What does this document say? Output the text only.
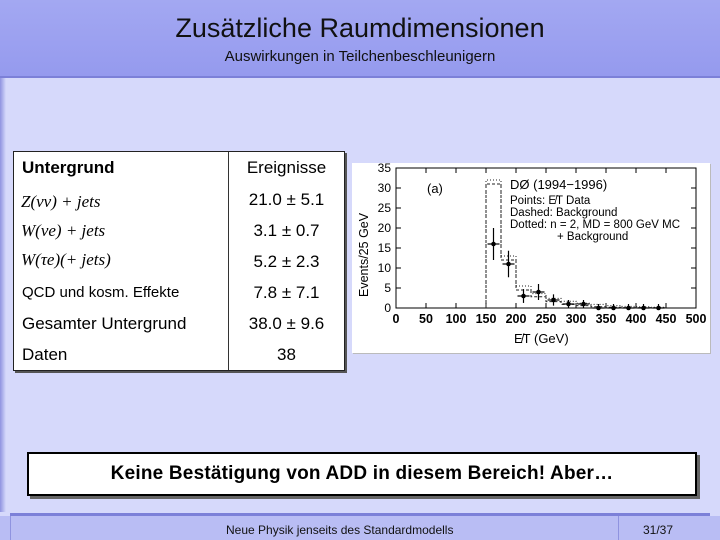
Zusätzliche Raumdimensionen
Auswirkungen in Teilchenbeschleunigern
Untergrund	Ereignisse
Z(νν) + jets	21.0 ± 5.1
W(νe) + jets	3.1 ± 0.7
W(τe)(+ jets)	5.2 ± 2.3
QCD und kosm. Effekte	7.8 ± 7.1
Gesamter Untergrund	38.0 ± 9.6
Daten	38
Events/25 GeV
E̸T (GeV)
(a)	DØ (1994−1996)
Points: E̸T Data
Dashed: Background
Dotted: n = 2, MD = 800 GeV MC
+ Background
0
5
10
15
20
25
30
35
0 50 100 150 200 250 300 350 400 450 500
Keine Bestätigung von ADD in diesem Bereich! Aber…
Neue Physik jenseits des Standardmodells	31/37
